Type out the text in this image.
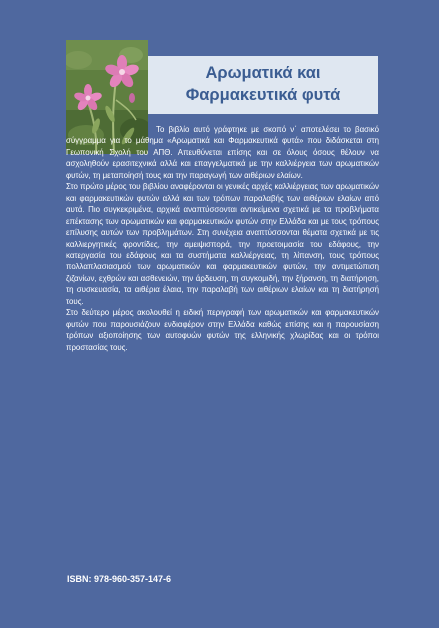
Αρωματικά και
Φαρμακευτικά φυτά

Το βιβλίο αυτό γράφτηκε με σκοπό ν΄ αποτελέσει το βασικό σύγγραμμα για το μάθημα «Αρωματικά και Φαρμακευτικά φυτά» που διδάσκεται στη Γεωπονική Σχολή του ΑΠΘ. Απευθύνεται επίσης και σε όλους όσους θέλουν να ασχοληθούν ερασιτεχνικά αλλά και επαγγελματικά με την καλλιέργεια των αρωματικών φυτών, τη μεταποίησή τους και την παραγωγή των αιθέριων ελαίων.

Στο πρώτο μέρος του βιβλίου αναφέρονται οι γενικές αρχές καλλιέργειας των αρωματικών και φαρμακευτικών φυτών αλλά και των τρόπων παραλαβής των αιθέριων ελαίων από αυτά. Πιο συγκεκριμένα, αρχικά αναπτύσσονται αντικείμενα σχετικά με τα προβλήματα επέκτασης των αρωματικών και φαρμακευτικών φυτών στην Ελλάδα και με τους τρόπους επίλυσης αυτών των προβλημάτων. Στη συνέχεια αναπτύσσονται θέματα σχετικά με τις καλλιεργητικές φροντίδες, την αμειψισπορά, την προετοιμασία του εδάφους, την κατεργασία του εδάφους και τα συστήματα καλλιέργειας, τη λίπανση, τους τρόπους πολλαπλασιασμού των αρωματικών και φαρμακευτικών φυτών, την αντιμετώπιση ζιζανίων, εχθρών και ασθενειών, την άρδευση, τη συγκομιδή, την ξήρανση, τη διατήρηση, τη συσκευασία, τα αιθέρια έλαια, την παραλαβή των αιθέριων ελαίων και τη διατήρησή τους.

Στο δεύτερο μέρος ακολουθεί η ειδική περιγραφή των αρωματικών και φαρμακευτικών φυτών που παρουσιάζουν ενδιαφέρον στην Ελλάδα καθώς επίσης και η παρουσίαση τρόπων αξιοποίησης των αυτοφυών φυτών της ελληνικής χλωρίδας και οι τρόποι προστασίας τους.

ISBN: 978-960-357-147-6
